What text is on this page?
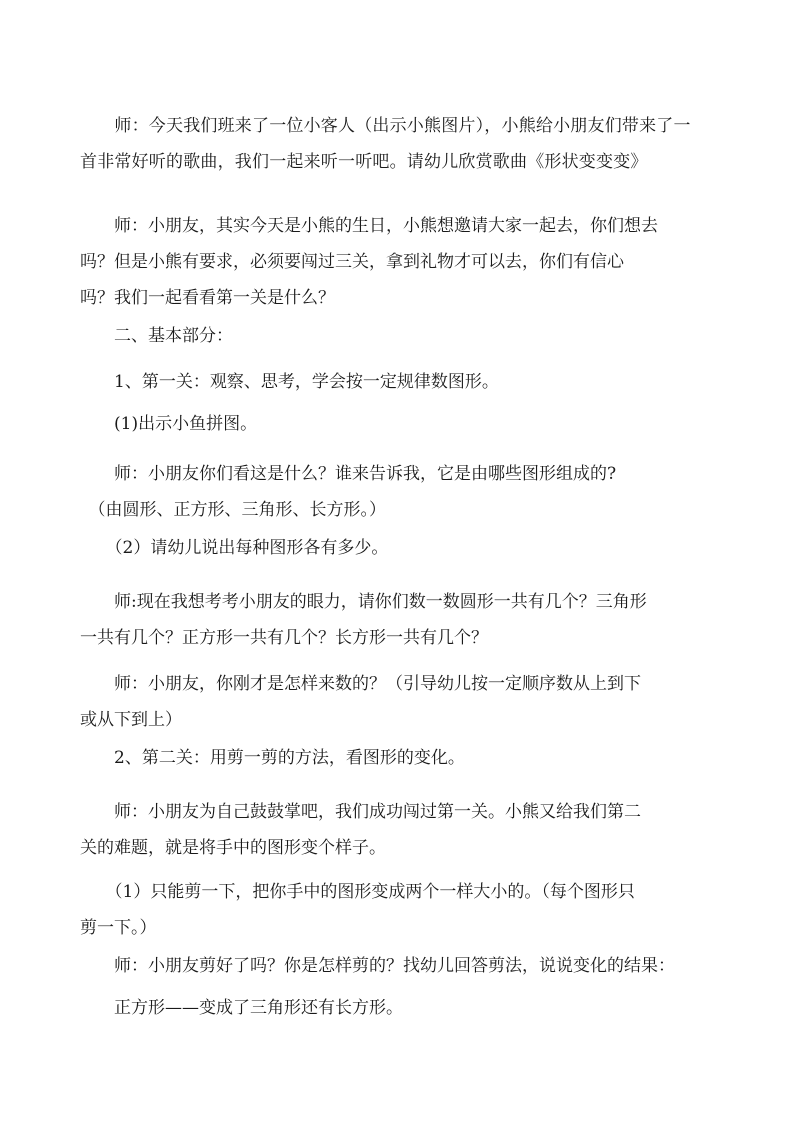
　　师：今天我们班来了一位小客人（出示小熊图片），小熊给小朋友们带来了一
首非常好听的歌曲，我们一起来听一听吧。请幼儿欣赏歌曲《形状变变变》
　　师：小朋友，其实今天是小熊的生日，小熊想邀请大家一起去，你们想去
吗？但是小熊有要求，必须要闯过三关，拿到礼物才可以去，你们有信心
吗？我们一起看看第一关是什么？
　　二、基本部分：
　　1、第一关：观察、思考，学会按一定规律数图形。
　　(1)出示小鱼拼图。
　　师：小朋友你们看这是什么？谁来告诉我，它是由哪些图形组成的?
　（由圆形、正方形、三角形、长方形。）
　　（2）请幼儿说出每种图形各有多少。
　　师:现在我想考考小朋友的眼力，请你们数一数圆形一共有几个？三角形
一共有几个？正方形一共有几个？长方形一共有几个？
　　师：小朋友，你刚才是怎样来数的？（引导幼儿按一定顺序数从上到下
或从下到上）
　　2、第二关：用剪一剪的方法，看图形的变化。
　　师：小朋友为自己鼓鼓掌吧，我们成功闯过第一关。小熊又给我们第二
关的难题，就是将手中的图形变个样子。
　　（1）只能剪一下，把你手中的图形变成两个一样大小的。（每个图形只
剪一下。）
　　师：小朋友剪好了吗？你是怎样剪的？找幼儿回答剪法，说说变化的结果：
　　正方形——变成了三角形还有长方形。
